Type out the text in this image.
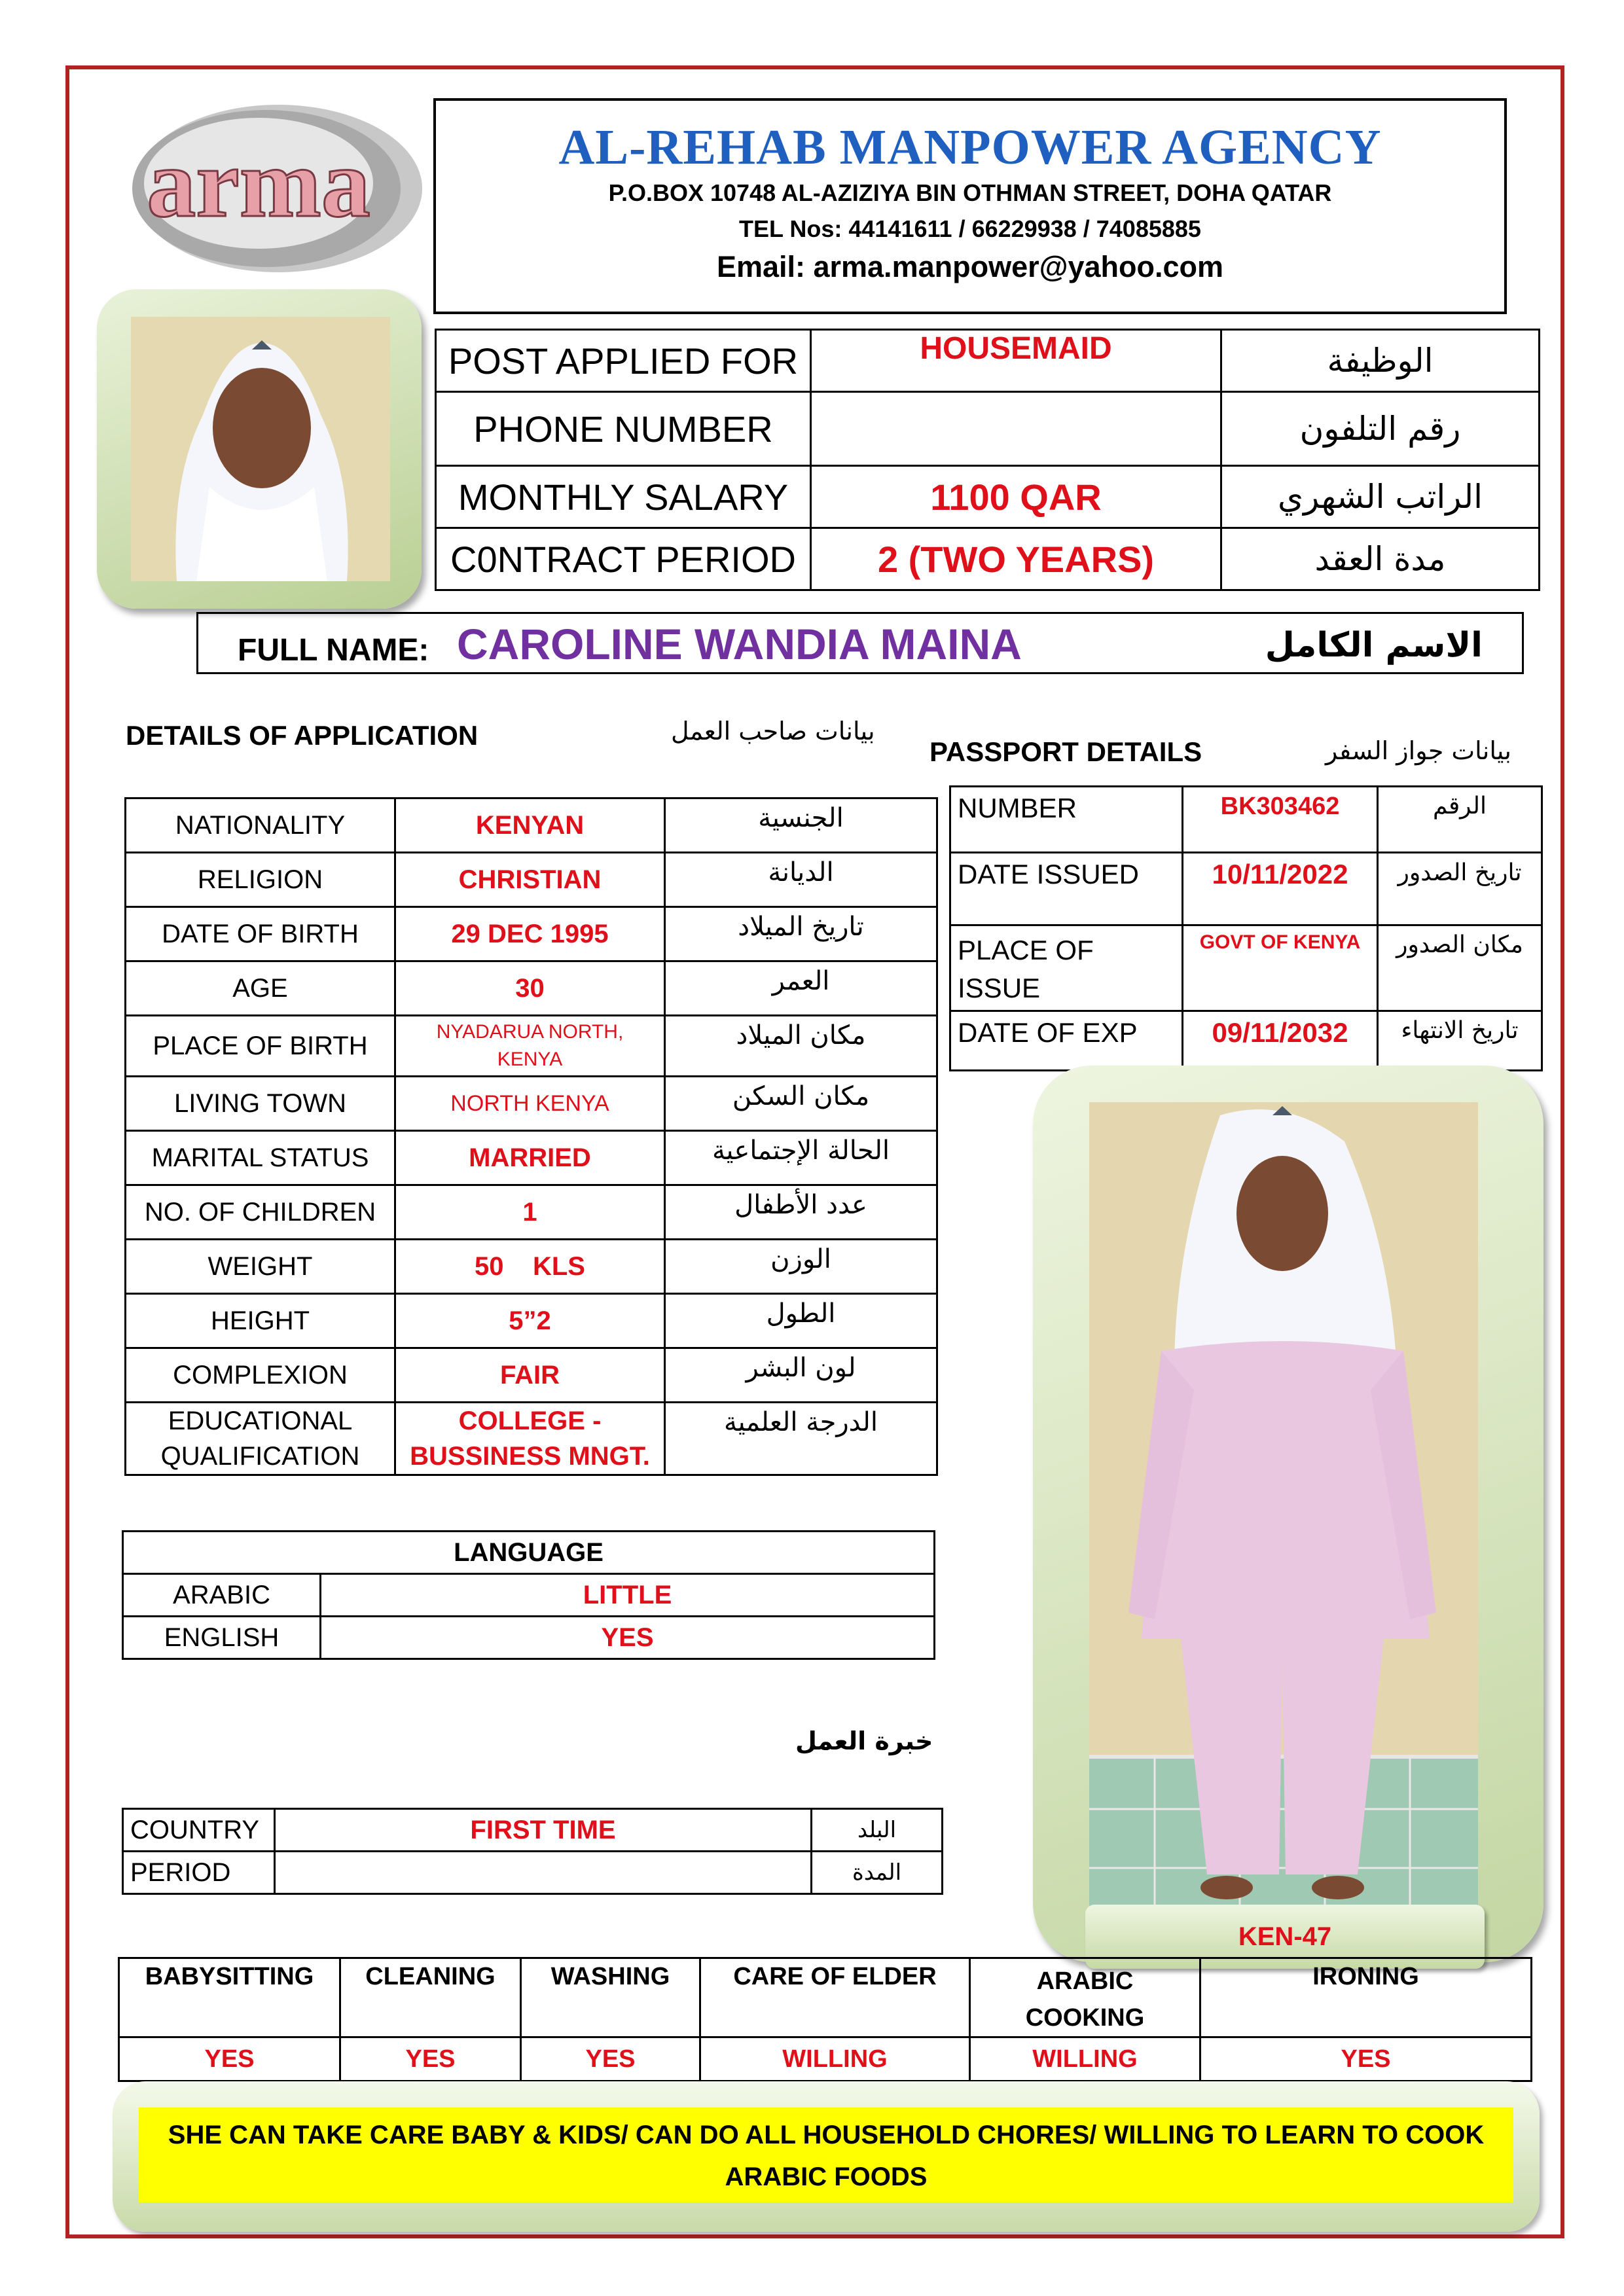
arma	AL-REHAB MANPOWER AGENCY
P.O.BOX 10748 AL-AZIZIYA BIN OTHMAN STREET, DOHA QATAR
TEL Nos: 44141611 / 66229938 / 74085885
Email: arma.manpower@yahoo.com
POST APPLIED FOR	HOUSEMAID	الوظيفة
PHONE NUMBER		رقم التلفون
MONTHLY SALARY	1100 QAR	الراتب الشهري
C0NTRACT PERIOD	2 (TWO YEARS)	مدة العقد
FULL NAME: CAROLINE WANDIA MAINA	الاسم الكامل
DETAILS OF APPLICATION	بيانات صاحب العمل
PASSPORT DETAILS	بيانات جواز السفر
NATIONALITY	KENYAN	الجنسية
RELIGION	CHRISTIAN	الديانة
DATE OF BIRTH	29 DEC 1995	تاريخ الميلاد
AGE	30	العمر
PLACE OF BIRTH	NYADARUA NORTH, KENYA	مكان الميلاد
LIVING TOWN	NORTH KENYA	مكان السكن
MARITAL STATUS	MARRIED	الحالة الإجتماعية
NO. OF CHILDREN	1	عدد الأطفال
WEIGHT	50    KLS	الوزن
HEIGHT	5”2	الطول
COMPLEXION	FAIR	لون البشر
EDUCATIONAL QUALIFICATION	COLLEGE - BUSSINESS MNGT.	الدرجة العلمية
NUMBER	BK303462	الرقم
DATE ISSUED	10/11/2022	تاريخ الصدور
PLACE OF ISSUE	GOVT OF KENYA	مكان الصدور
DATE OF EXP	09/11/2032	تاريخ الانتهاء
KEN-47
LANGUAGE	
ARABIC	LITTLE
ENGLISH	YES
خبرة العمل
COUNTRY	FIRST TIME	البلد
PERIOD		المدة
BABYSITTING	CLEANING	WASHING	CARE OF ELDER	ARABIC COOKING	IRONING
YES	YES	YES	WILLING	WILLING	YES
SHE CAN TAKE CARE BABY & KIDS/ CAN DO ALL HOUSEHOLD CHORES/ WILLING TO LEARN TO COOK ARABIC FOODS
